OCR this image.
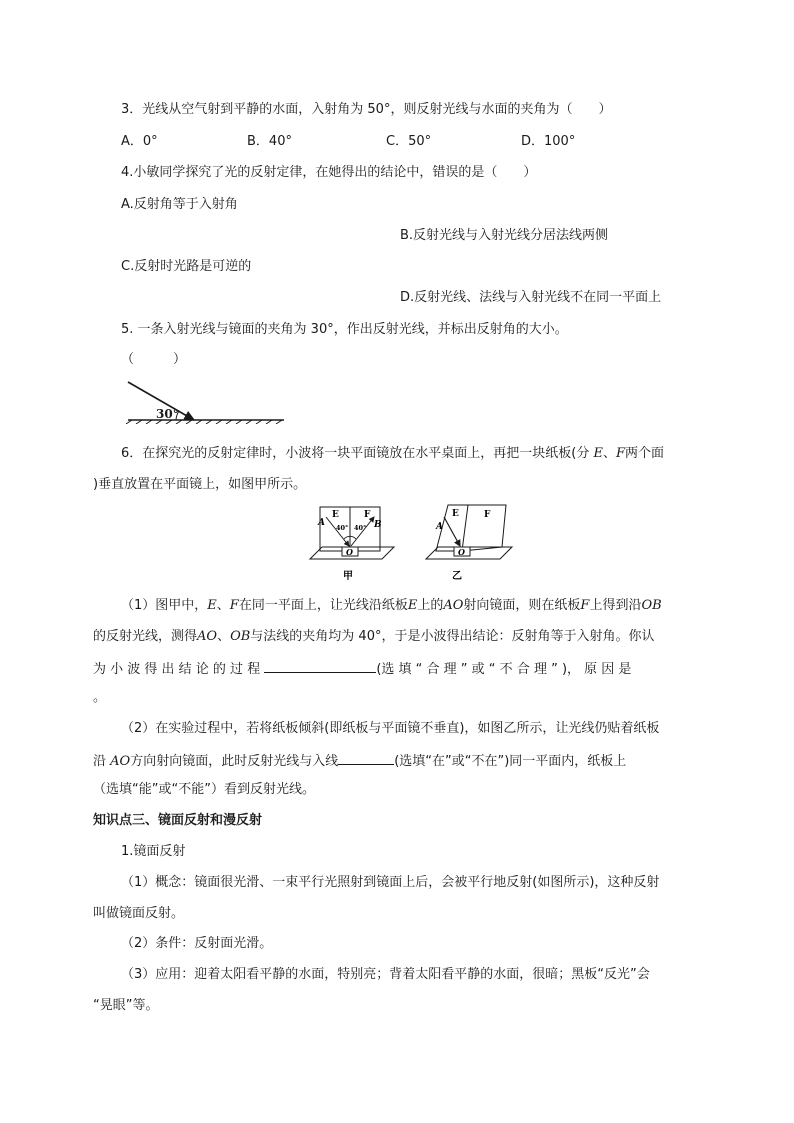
3．光线从空气射到平静的水面，入射角为 50°，则反射光线与水面的夹角为（　　）
A．0°	B．40°	C．50°	D．100°
4.小敏同学探究了光的反射定律，在她得出的结论中，错误的是（　　）
A.反射角等于入射角
B.反射光线与入射光线分居法线两侧
C.反射时光路是可逆的
D.反射光线、法线与入射光线不在同一平面上
5. 一条入射光线与镜面的夹角为 30°，作出反射光线，并标出反射角的大小。
（　　　）
30°
6．在探究光的反射定律时，小波将一块平面镜放在水平桌面上，再把一块纸板(分 E、F两个面
)垂直放置在平面镜上，如图甲所示。
E	F
A	B
40° 40°
O
甲
E	F
A
O
乙
（1）图甲中，E、F在同一平面上，让光线沿纸板E上的AO射向镜面，则在纸板F上得到沿OB
的反射光线，测得AO、OB与法线的夹角均为 40°，于是小波得出结论：反射角等于入射角。你认
为 小 波 得 出 结 论 的 过 程	(选 填 “ 合 理 ” 或 “ 不 合 理 ” )， 原 因 是
。
（2）在实验过程中，若将纸板倾斜(即纸板与平面镜不垂直)，如图乙所示，让光线仍贴着纸板
沿 AO方向射向镜面，此时反射光线与入线	(选填“在”或“不在”)同一平面内，纸板上
（选填“能”或“不能”）看到反射光线。
知识点三、镜面反射和漫反射
1.镜面反射
（1）概念：镜面很光滑、一束平行光照射到镜面上后，会被平行地反射(如图所示)，这种反射
叫做镜面反射。
（2）条件：反射面光滑。
（3）应用：迎着太阳看平静的水面，特别亮；背着太阳看平静的水面，很暗；黑板“反光”会
“晃眼”等。
